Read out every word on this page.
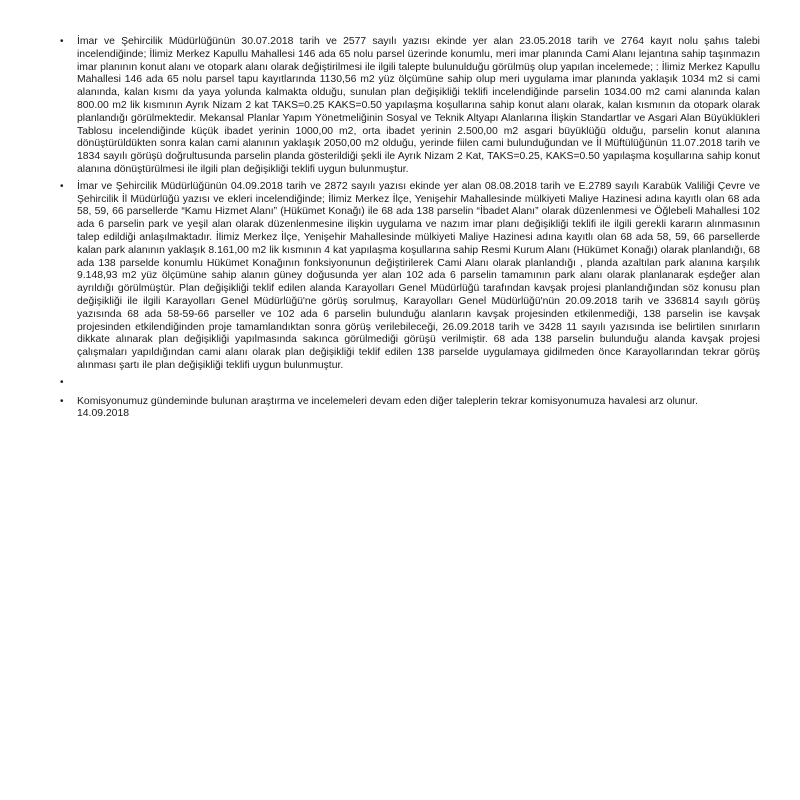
• İmar ve Şehircilik Müdürlüğünün 30.07.2018 tarih ve 2577 sayılı yazısı ekinde yer alan 23.05.2018 tarih ve 2764 kayıt nolu şahıs talebi incelendiğinde; İlimiz Merkez Kapullu Mahallesi 146 ada 65 nolu parsel üzerinde konumlu, meri imar planında Cami Alanı lejantına sahip taşınmazın imar planının konut alanı ve otopark alanı olarak değiştirilmesi ile ilgili talepte bulunulduğu görülmüş olup yapılan incelemede; : İlimiz Merkez Kapullu Mahallesi 146 ada 65 nolu parsel tapu kayıtlarında 1130,56 m2 yüz ölçümüne sahip olup meri uygulama imar planında yaklaşık 1034 m2 si cami alanında, kalan kısmı da yaya yolunda kalmakta olduğu, sunulan plan değişikliği teklifi incelendiğinde parselin 1034.00 m2 cami alanında kalan 800.00 m2 lik kısmının Ayrık Nizam 2 kat TAKS=0.25 KAKS=0.50 yapılaşma koşullarına sahip konut alanı olarak, kalan kısmının da otopark olarak planlandığı görülmektedir. Mekansal Planlar Yapım Yönetmeliğinin Sosyal ve Teknik Altyapı Alanlarına İlişkin Standartlar ve Asgari Alan Büyüklükleri Tablosu incelendiğinde küçük ibadet yerinin 1000,00 m2, orta ibadet yerinin 2.500,00 m2 asgari büyüklüğü olduğu, parselin konut alanına dönüştürüldükten sonra kalan cami alanının yaklaşık 2050,00 m2 olduğu, yerinde fiilen cami bulunduğundan ve İl Müftülüğünün 11.07.2018 tarih ve 1834 sayılı görüşü doğrultusunda parselin planda gösterildiği şekli ile Ayrık Nizam 2 Kat, TAKS=0.25, KAKS=0.50 yapılaşma koşullarına sahip konut alanına dönüştürülmesi ile ilgili plan değişikliği teklifi uygun bulunmuştur.
• İmar ve Şehircilik Müdürlüğünün 04.09.2018 tarih ve 2872 sayılı yazısı ekinde yer alan 08.08.2018 tarih ve E.2789 sayılı Karabük Valiliği Çevre ve Şehircilik İl Müdürlüğü yazısı ve ekleri incelendiğinde; İlimiz Merkez İlçe, Yenişehir Mahallesinde mülkiyeti Maliye Hazinesi adına kayıtlı olan 68 ada 58, 59, 66 parsellerde “Kamu Hizmet Alanı” (Hükümet Konağı) ile 68 ada 138 parselin “İbadet Alanı” olarak düzenlenmesi ve Öğlebeli Mahallesi 102 ada 6 parselin park ve yeşil alan olarak düzenlenmesine ilişkin uygulama ve nazım imar planı değişikliği teklifi ile ilgili gerekli kararın alınmasının talep edildiği anlaşılmaktadır. İlimiz Merkez İlçe, Yenişehir Mahallesinde mülkiyeti Maliye Hazinesi adına kayıtlı olan 68 ada 58, 59, 66 parsellerde kalan park alanının yaklaşık 8.161,00 m2 lik kısmının 4 kat yapılaşma koşullarına sahip Resmi Kurum Alanı (Hükümet Konağı) olarak planlandığı, 68 ada 138 parselde konumlu Hükümet Konağının fonksiyonunun değiştirilerek Cami Alanı olarak planlandığı , planda azaltılan park alanına karşılık 9.148,93 m2 yüz ölçümüne sahip alanın güney doğusunda yer alan 102 ada 6 parselin tamamının park alanı olarak planlanarak eşdeğer alan ayrıldığı görülmüştür. Plan değişikliği teklif edilen alanda Karayolları Genel Müdürlüğü tarafından kavşak projesi planlandığından söz konusu plan değişikliği ile ilgili Karayolları Genel Müdürlüğü'ne görüş sorulmuş, Karayolları Genel Müdürlüğü'nün 20.09.2018 tarih ve 336814 sayılı görüş yazısında 68 ada 58-59-66 parseller ve 102 ada 6 parselin bulunduğu alanların kavşak projesinden etkilenmediği, 138 parselin ise kavşak projesinden etkilendiğinden proje tamamlandıktan sonra görüş verilebileceği, 26.09.2018 tarih ve 3428 11 sayılı yazısında ise belirtilen sınırların dikkate alınarak plan değişikliği yapılmasında sakınca görülmediği görüşü verilmiştir. 68 ada 138 parselin bulunduğu alanda kavşak projesi çalışmaları yapıldığından cami alanı olarak plan değişikliği teklif edilen 138 parselde uygulamaya gidilmeden önce Karayollarından tekrar görüş alınması şartı ile plan değişikliği teklifi uygun bulunmuştur.
•
• Komisyonumuz gündeminde bulunan araştırma ve incelemeleri devam eden diğer taleplerin tekrar komisyonumuza havalesi arz olunur.
14.09.2018
